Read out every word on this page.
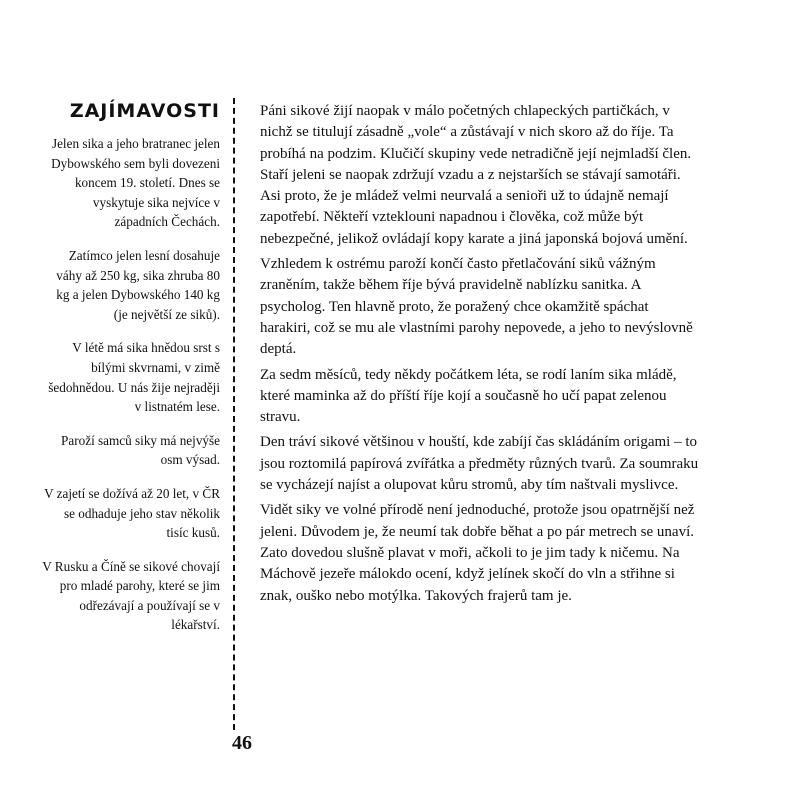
ZAJÍMAVOSTI

Jelen sika a jeho bratranec jelen Dybowského sem byli dovezeni koncem 19. století. Dnes se vyskytuje sika nejvíce v západních Čechách.

Zatímco jelen lesní dosahuje váhy až 250 kg, sika zhruba 80 kg a jelen Dybowského 140 kg (je největší ze siků).

V létě má sika hnědou srst s bílými skvrnami, v zimě šedohnědou. U nás žije nejraději v listnatém lese.

Paroží samců siky má nejvýše osm výsad.

V zajetí se dožívá až 20 let, v ČR se odhaduje jeho stav několik tisíc kusů.

V Rusku a Číně se sikové chovají pro mladé parohy, které se jim odřezávají a používají se v lékařství.

46

Páni sikové žijí naopak v málo početných chlapeckých partičkách, v nichž se titulují zásadně „vole“ a zůstávají v nich skoro až do říje. Ta probíhá na podzim. Klučičí skupiny vede netradičně její nejmladší člen. Staří jeleni se naopak zdržují vzadu a z nejstarších se stávají samotáři. Asi proto, že je mládež velmi neurvalá a senioři už to údajně nemají zapotřebí. Někteří vzteklouni napadnou i člověka, což může být nebezpečné, jelikož ovládají kopy karate a jiná japonská bojová umění.

Vzhledem k ostrému paroží končí často přetlačování siků vážným zraněním, takže během říje bývá pravidelně nablízku sanitka. A psycholog. Ten hlavně proto, že poražený chce okamžitě spáchat harakiri, což se mu ale vlastními parohy nepovede, a jeho to nevýslovně deptá.

Za sedm měsíců, tedy někdy počátkem léta, se rodí laním sika mládě, které maminka až do příští říje kojí a současně ho učí papat zelenou stravu.

Den tráví sikové většinou v houští, kde zabíjí čas skládáním origami – to jsou roztomilá papírová zvířátka a předměty různých tvarů. Za soumraku se vycházejí najíst a olupovat kůru stromů, aby tím naštvali myslivce.

Vidět siky ve volné přírodě není jednoduché, protože jsou opatrnější než jeleni. Důvodem je, že neumí tak dobře běhat a po pár metrech se unaví. Zato dovedou slušně plavat v moři, ačkoli to je jim tady k ničemu. Na Máchově jezeře málokdo ocení, když jelínek skočí do vln a střihne si znak, ouško nebo motýlka. Takových frajerů tam je.
